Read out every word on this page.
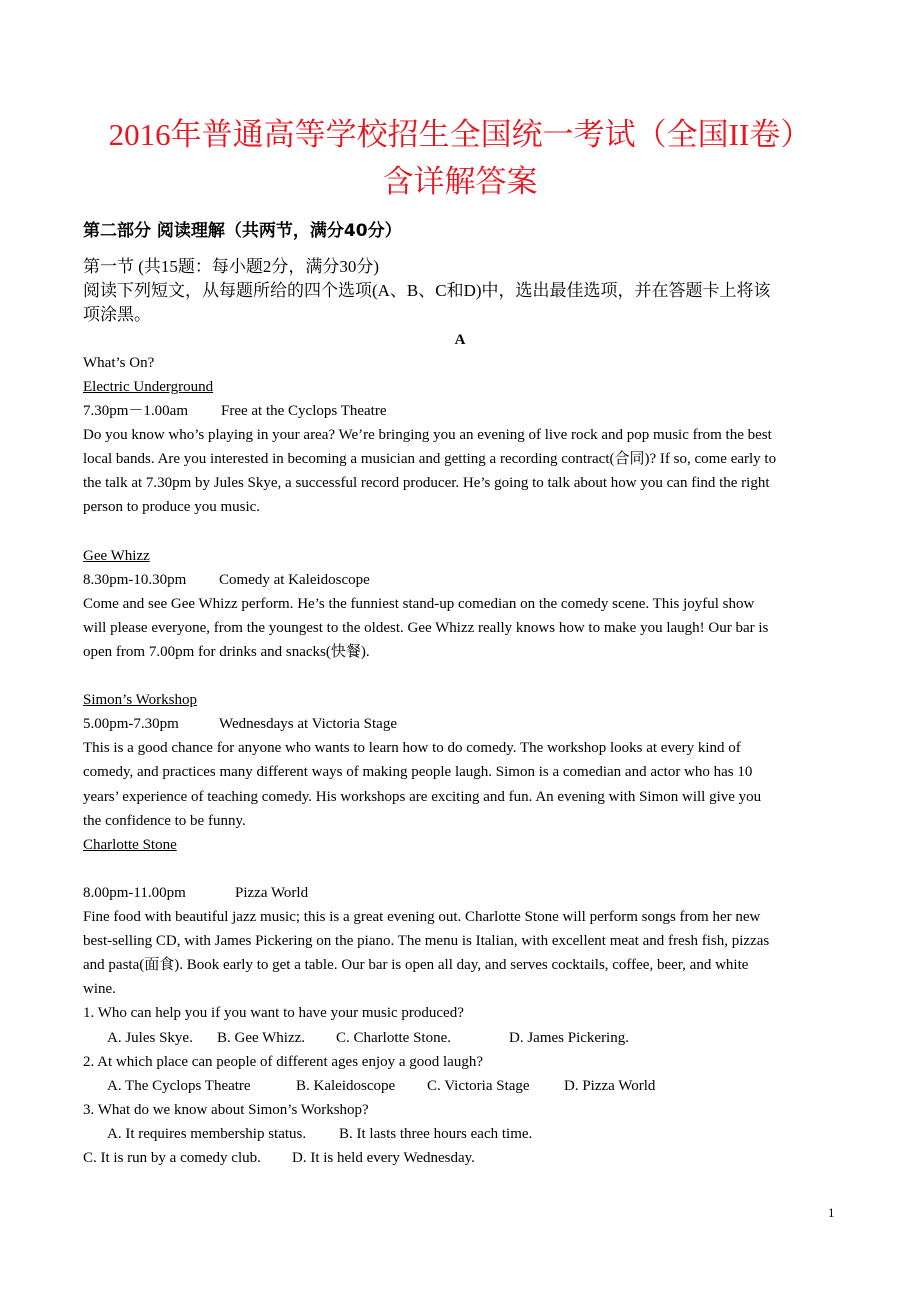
2016年普通高等学校招生全国统一考试（全国II卷）
含详解答案
第二部分 阅读理解（共两节，满分40分）
第一节 (共15题：每小题2分，满分30分)
阅读下列短文，从每题所给的四个选项(A、B、C和D)中，选出最佳选项，并在答题卡上将该
项涂黑。
A
What’s On?
Electric Underground
7.30pm－1.00am Free at the Cyclops Theatre
Do you know who’s playing in your area? We’re bringing you an evening of live rock and pop music from the best
local bands. Are you interested in becoming a musician and getting a recording contract(合同)? If so, come early to
the talk at 7.30pm by Jules Skye, a successful record producer. He’s going to talk about how you can find the right
person to produce you music.
Gee Whizz
8.30pm-10.30pm Comedy at Kaleidoscope
Come and see Gee Whizz perform. He’s the funniest stand-up comedian on the comedy scene. This joyful show
will please everyone, from the youngest to the oldest. Gee Whizz really knows how to make you laugh! Our bar is
open from 7.00pm for drinks and snacks(快餐).
Simon’s Workshop
5.00pm-7.30pm	Wednesdays at Victoria Stage
This is a good chance for anyone who wants to learn how to do comedy. The workshop looks at every kind of
comedy, and practices many different ways of making people laugh. Simon is a comedian and actor who has 10
years’ experience of teaching comedy. His workshops are exciting and fun. An evening with Simon will give you
the confidence to be funny.
Charlotte Stone
8.00pm-11.00pm	Pizza World
Fine food with beautiful jazz music; this is a great evening out. Charlotte Stone will perform songs from her new
best-selling CD, with James Pickering on the piano. The menu is Italian, with excellent meat and fresh fish, pizzas
and pasta(面食). Book early to get a table. Our bar is open all day, and serves cocktails, coffee, beer, and white
wine.
1. Who can help you if you want to have your music produced?
A. Jules Skye. B. Gee Whizz. C. Charlotte Stone.	D. James Pickering.
2. At which place can people of different ages enjoy a good laugh?
A. The Cyclops Theatre	B. Kaleidoscope C. Victoria Stage D. Pizza World
3. What do we know about Simon’s Workshop?
A. It requires membership status. B. It lasts three hours each time.
C. It is run by a comedy club. D. It is held every Wednesday.
1
